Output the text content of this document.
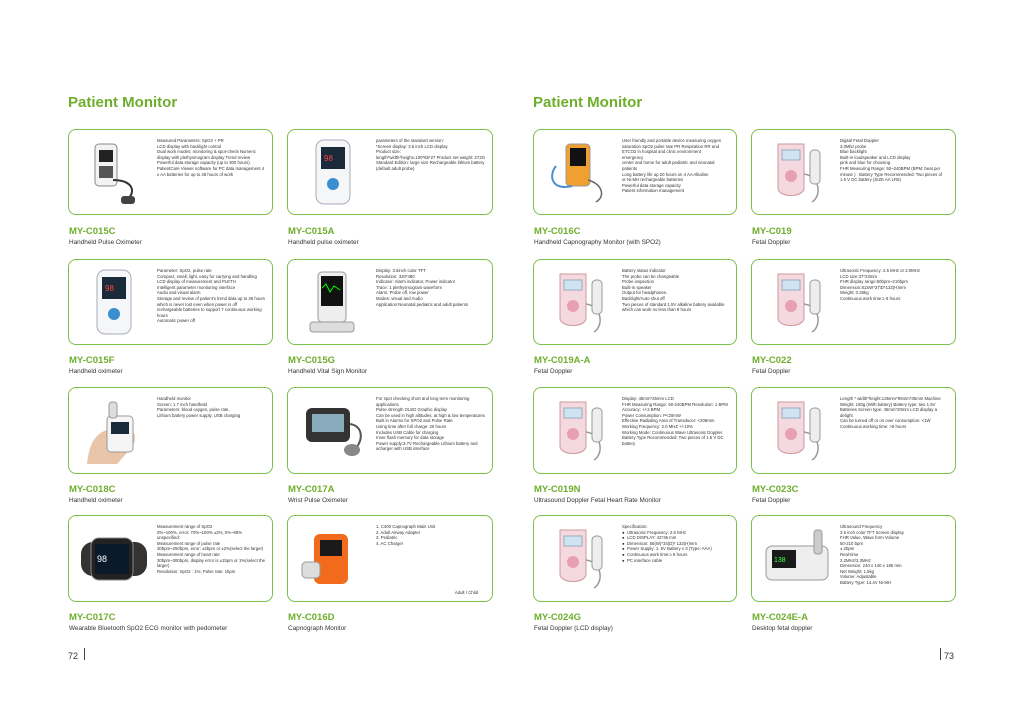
Patient Monitor	Patient Monitor
Measured Parameters: SpO2 + PR
LCD display with backlight control
Dual work modes: monitoring & spot-check Numeric display with plethysmogram display Trend review
Powerful data storage capacity (up to 300 hours)
PatientCare Viewer software for PC data management 4 x AA batteries for up to 48 hours of work
MY-C015C
Handheld Pulse Oximeter
98
parameters of the standard version:
*Screen display: 3.5 inch LCD display
Product size:
length*width*height=100*65*27 Product net weight: 272G Standard Edition: large size Rechargeable lithium battery
(default adult probe)
MY-C015A
Handheld pulse oximeter
98
Parameter: SpO2, pulse rate
Compact, small, light, easy for carrying and handling
LCD display of measurement and PLETH
Intelligent parameter monitoring interface
Audio and visual alarm
Storage and review of patient's trend data up to 36 hours which is never lost even when power is off
rechargeable batteries to support 7 continuous working hours
Automatic power off
MY-C015F
Handheld oximeter
Display: 3.5inch color TFT
Resolution: 320*480
Indicator: Alarm indicator, Power indicator
Trace: 1 plethysmogram waveform
Alarm: Probe off, low power
Modes: visual and Audio
Application:Neonatal pediatric and adult patients
MY-C015G
Handheld Vital Sign Monitor
Handheld monitor
Screen: 1.7 inch handheld
Parameters: blood oxygen, pulse rate,
Lithium battery power supply. USB charging
MY-C018C
Handheld oximeter
For spot checking short and long term monitoring applications
Pulse strength OLED Graphic display
Can be used in high altitudes, at high & low temperatures
Built in Alarms for SPO2 and Pulse Rate
Using time after full charge: 20 hours
Includes USB Cable for charging
Inner flash memory for data storage
Power supply:3.7V Rechargeable Lithium battery and acharger with USB interface
MY-C017A
Wrist Pulse Oximeter
98
Measurement range of SpO2
0%~100%, error: 70%~100% ±2%; 0%~69% unspecified;
Measurement range of pulse rate
30bpm~250bpm, error: ±2bpm or ±2%(select the larger)
Measurement range of heart rate
30bpm~300bpm, display error is ±1bpm or 1%(select the larger)
Resolution: SpO2 : 1%; Pulse rate: 1bpm
MY-C017C
Wearable Bluetooth SpO2 ECG monitor with pedometer
1. C400 Capnograph Main Unit
2. Adult Airway Adapter
3. Pediatric
4. AC Charger
Adult / Child
MY-C016D
Capnograph Monitor
User friendly and portable device measuring oxygen saturation SpO2 pulse rate PR Respiration RR and ETCO2 in hospital and clinic environment
emergency
center and home for adult pediatric and neonatal patients
Long battery life up 20 hours on 4 AA Alkaline
or Ni-MH rechargeable batteries
Powerful data storage capacity
Patient information management
MY-C016C
Handheld Capnography Monitor (with SPO2)
Digital Fetal Doppler
3.0Mhz probe
Blue backlight
Built-in loudspeaker and LCD display
pink and blue for choosing
FHR Measuring Range: 50~240BPM (BPM: beat per minute )   Battery Type Recommended: Two pieces of 1.5 V DC battery (SIZE AA LR6)
MY-C019
Fetal Doppler
Battery status indicator
The probe can be changeable
Probe inspection
Built-in speaker
Output for headphones.
Backlight/Auto shut off
Two pieces of standard 1.5V alkaline battery available which can work no less than 8 hours
MY-C019A-A
Fetal Doppler
Ultrasonic Frequency: 2.5 MHz or 2.0MHz
LCD size:37*23mm
FHR display range:50bpm~210bpm
Dimension:81SW*37\D*132(H)mm
Weight: 0.26kg
Continuous work time:≥ 8 hours
MY-C022
Fetal Doppler
Display: 45mm*25mm LCD
FHR Measuring Range: 50-240BPM Resolution: 1 BPM
Accuracy: +/-2 BPM
Power Consumption: P<20mW
Effective Radiating Area of Transducer: <208mm
Working Frequency: 2.0 MHZ +/-10%
Working Mode: Continuous Wave Ultrasonic Doppler
Battery Type Recommended: Two pieces of 1.5 V DC battery
MY-C019N
Ultrasound Doppler Fetal Heart Rate Monitor
Length * width*height:135mm*95mm*35mm Machine
Weight: 180g (With battery) Battery type: two 1.5V
Batteries Screen type: 45mm*20mm LCD display a delight
Can be turned off or on over consumption: <1W
Continuous working time: >8 hours
MY-C023C
Fetal Doppler
Specification:
●  Ultrasonic Frequency: 2.5 MHz
●  LCD DISPLAY: 42*36 mm
●  Dimension: 56(W)*34(D)* 132(H)mm
●  Power Supply: 1. 5V Battery x 3 (Type: AAA)
●  Continuous work time:≥ 8 hours
●  PC interface cable
MY-C024G
Fetal Doppler (LCD display)
138
Ultrasound Frequency
3.5 inch color TFT Screen display
FHR Value, Wave form Volume
50-210 bpm
± 2bpm
Real-time
2.2MHz/3.3MHz
Dimension: 240 x 140 x 185 mm
Net Weight: 1.5kg
Volume: Adjustable
Battery Type: 14.4V Ni-MH
MY-C024E-A
Desktop fetal doppler
72	73
